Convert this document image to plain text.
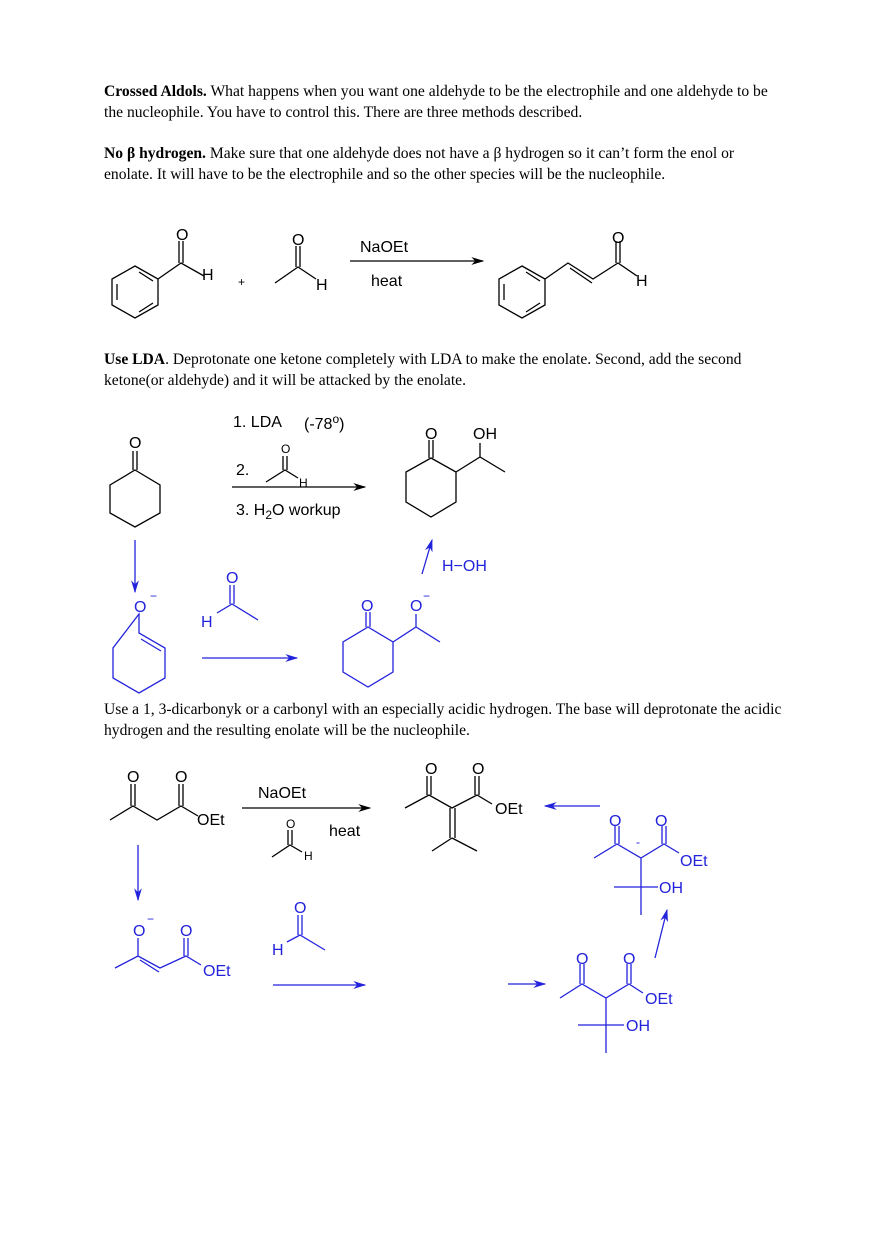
Crossed Aldols. What happens when you want one aldehyde to be the electrophile and one aldehyde to be the nucleophile. You have to control this. There are three methods described.
No β hydrogen. Make sure that one aldehyde does not have a β hydrogen so it can’t form the enol or enolate. It will have to be the electrophile and so the other species will be the nucleophile.
Use LDA. Deprotonate one ketone completely with LDA to make the enolate. Second, add the second ketone(or aldehyde) and it will be attacked by the enolate.
Use a 1, 3-dicarbonyk or a carbonyl with an especially acidic hydrogen. The base will deprotonate the acidic hydrogen and the resulting enolate will be the nucleophile.
O
H +
O
H
NaOEt
heat
O
H
O
1. LDA (-78$^o$)
2.
O
H
3. $H_2O$ workup
O OH
O
−
O
H
O O
−
H−OH
O O
OEt
NaOEt
O
H
heat
O O
OEt
O O
-
OEt
OH
O
−
O
OEt
O
H
O O
OEt
OH
